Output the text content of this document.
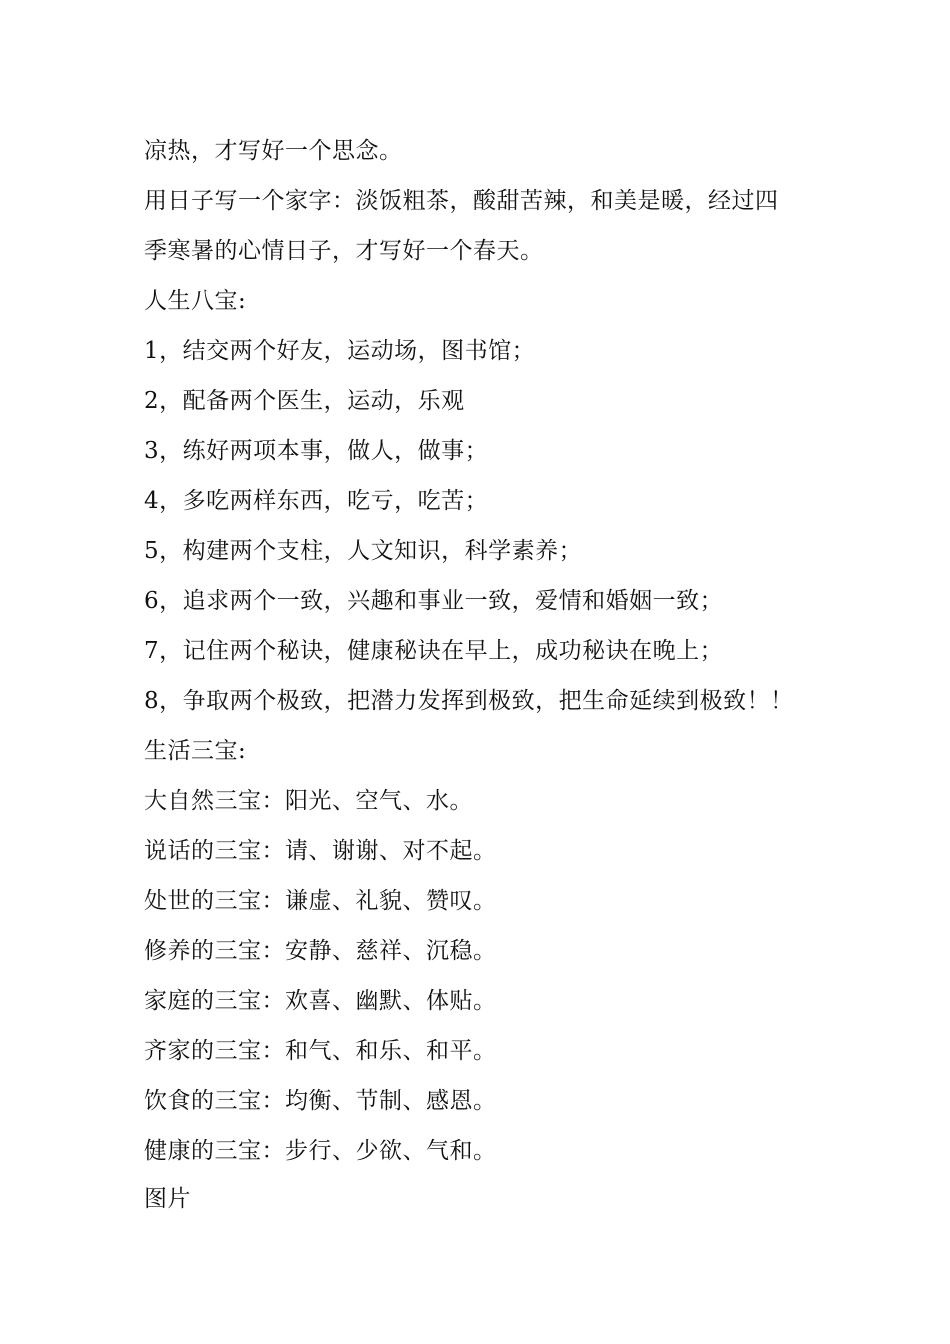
凉热，才写好一个思念。
用日子写一个家字：淡饭粗茶，酸甜苦辣，和美是暖，经过四
季寒暑的心情日子，才写好一个春天。
人生八宝:
1，结交两个好友，运动场，图书馆；
2，配备两个医生，运动，乐观
3，练好两项本事，做人，做事；
4，多吃两样东西，吃亏，吃苦；
5，构建两个支柱，人文知识，科学素养；
6，追求两个一致，兴趣和事业一致，爱情和婚姻一致；
7，记住两个秘诀，健康秘诀在早上，成功秘诀在晚上；
8，争取两个极致，把潜力发挥到极致，把生命延续到极致！！
生活三宝:
大自然三宝：阳光、空气、水。
说话的三宝：请、谢谢、对不起。
处世的三宝：谦虚、礼貌、赞叹。
修养的三宝：安静、慈祥、沉稳。
家庭的三宝：欢喜、幽默、体贴。
齐家的三宝：和气、和乐、和平。
饮食的三宝：均衡、节制、感恩。
健康的三宝：步行、少欲、气和。
图片
